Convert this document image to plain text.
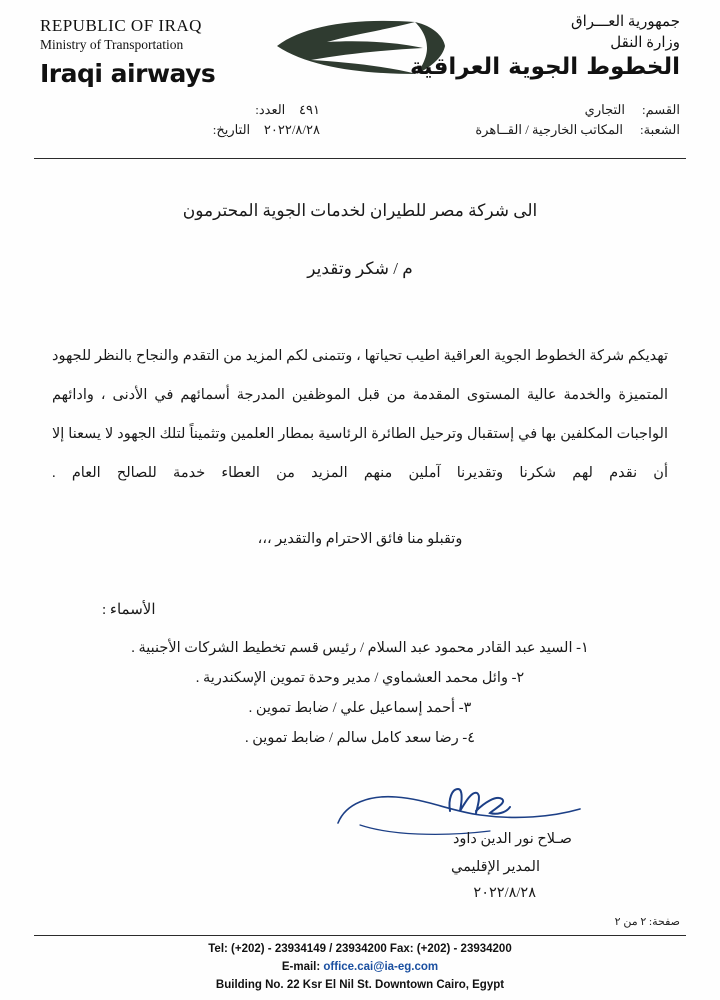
REPUBLIC OF IRAQ
Ministry of Transportation
Iraqi airways
جمهورية العـــراق
وزارة النقل
الخطوط الجوية العراقية
٤٩١   العدد:
٢٠٢٢/٨/٢٨   التاريخ:
القسم:    التجاري
الشعبة:    المكاتب الخارجية / القــاهرة
الى شركة مصر للطيران لخدمات الجوية المحترمون
م / شكر وتقدير

تهديكم شركة الخطوط الجوية العراقية اطيب تحياتها ، وتتمنى لكم المزيد من التقدم والنجاح بالنظر للجهود المتميزة والخدمة عالية المستوى المقدمة من قبل الموظفين المدرجة أسمائهم في الأدنى ، وادائهم الواجبات المكلفين بها في إستقبال وترحيل الطائرة الرئاسية بمطار العلمين وتثميناً لتلك الجهود لا يسعنا إلا أن نقدم لهم شكرنا وتقديرنا آملين منهم المزيد من العطاء خدمة للصالح العام .

وتقبلو منا فائق الاحترام والتقدير ،،،
الأسماء :
١- السيد عبد القادر محمود عبد السلام / رئيس قسم تخطيط الشركات الأجنبية .
٢- وائل محمد العشماوي / مدير وحدة تموين الإسكندرية .
٣- أحمد إسماعيل علي / ضابط تموين .
٤- رضا سعد كامل سالم / ضابط تموين .
صـلاح نور الدين داود
المدير الإقليمي
٢٠٢٢/٨/٢٨
صفحة: ٢ من ٢
Tel: (+202) - 23934149 / 23934200 Fax: (+202) - 23934200
E-mail: office.cai@ia-eg.com
Building No. 22 Ksr El Nil St. Downtown Cairo, Egypt
